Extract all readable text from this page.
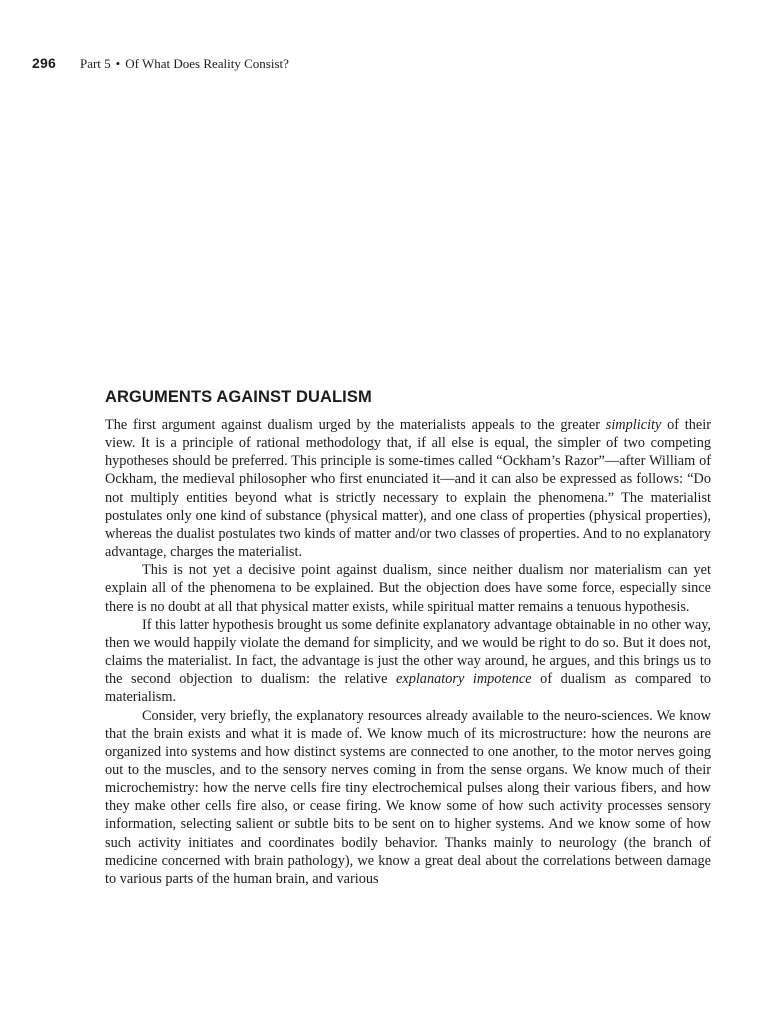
296 Part 5 • Of What Does Reality Consist?
ARGUMENTS AGAINST DUALISM

The first argument against dualism urged by the materialists appeals to the greater simplicity of their view. It is a principle of rational methodology that, if all else is equal, the simpler of two competing hypotheses should be preferred. This principle is some-times called “Ockham’s Razor”—after William of Ockham, the medieval philosopher who first enunciated it—and it can also be expressed as follows: “Do not multiply entities beyond what is strictly necessary to explain the phenomena.” The materialist postulates only one kind of substance (physical matter), and one class of properties (physical properties), whereas the dualist postulates two kinds of matter and/or two classes of properties. And to no explanatory advantage, charges the materialist.

This is not yet a decisive point against dualism, since neither dualism nor materialism can yet explain all of the phenomena to be explained. But the objection does have some force, especially since there is no doubt at all that physical matter exists, while spiritual matter remains a tenuous hypothesis.

If this latter hypothesis brought us some definite explanatory advantage obtainable in no other way, then we would happily violate the demand for simplicity, and we would be right to do so. But it does not, claims the materialist. In fact, the advantage is just the other way around, he argues, and this brings us to the second objection to dualism: the relative explanatory impotence of dualism as compared to materialism.

Consider, very briefly, the explanatory resources already available to the neuro-sciences. We know that the brain exists and what it is made of. We know much of its microstructure: how the neurons are organized into systems and how distinct systems are connected to one another, to the motor nerves going out to the muscles, and to the sensory nerves coming in from the sense organs. We know much of their microchemistry: how the nerve cells fire tiny electrochemical pulses along their various fibers, and how they make other cells fire also, or cease firing. We know some of how such activity processes sensory information, selecting salient or subtle bits to be sent on to higher systems. And we know some of how such activity initiates and coordinates bodily behavior. Thanks mainly to neurology (the branch of medicine concerned with brain pathology), we know a great deal about the correlations between damage to various parts of the human brain, and various
